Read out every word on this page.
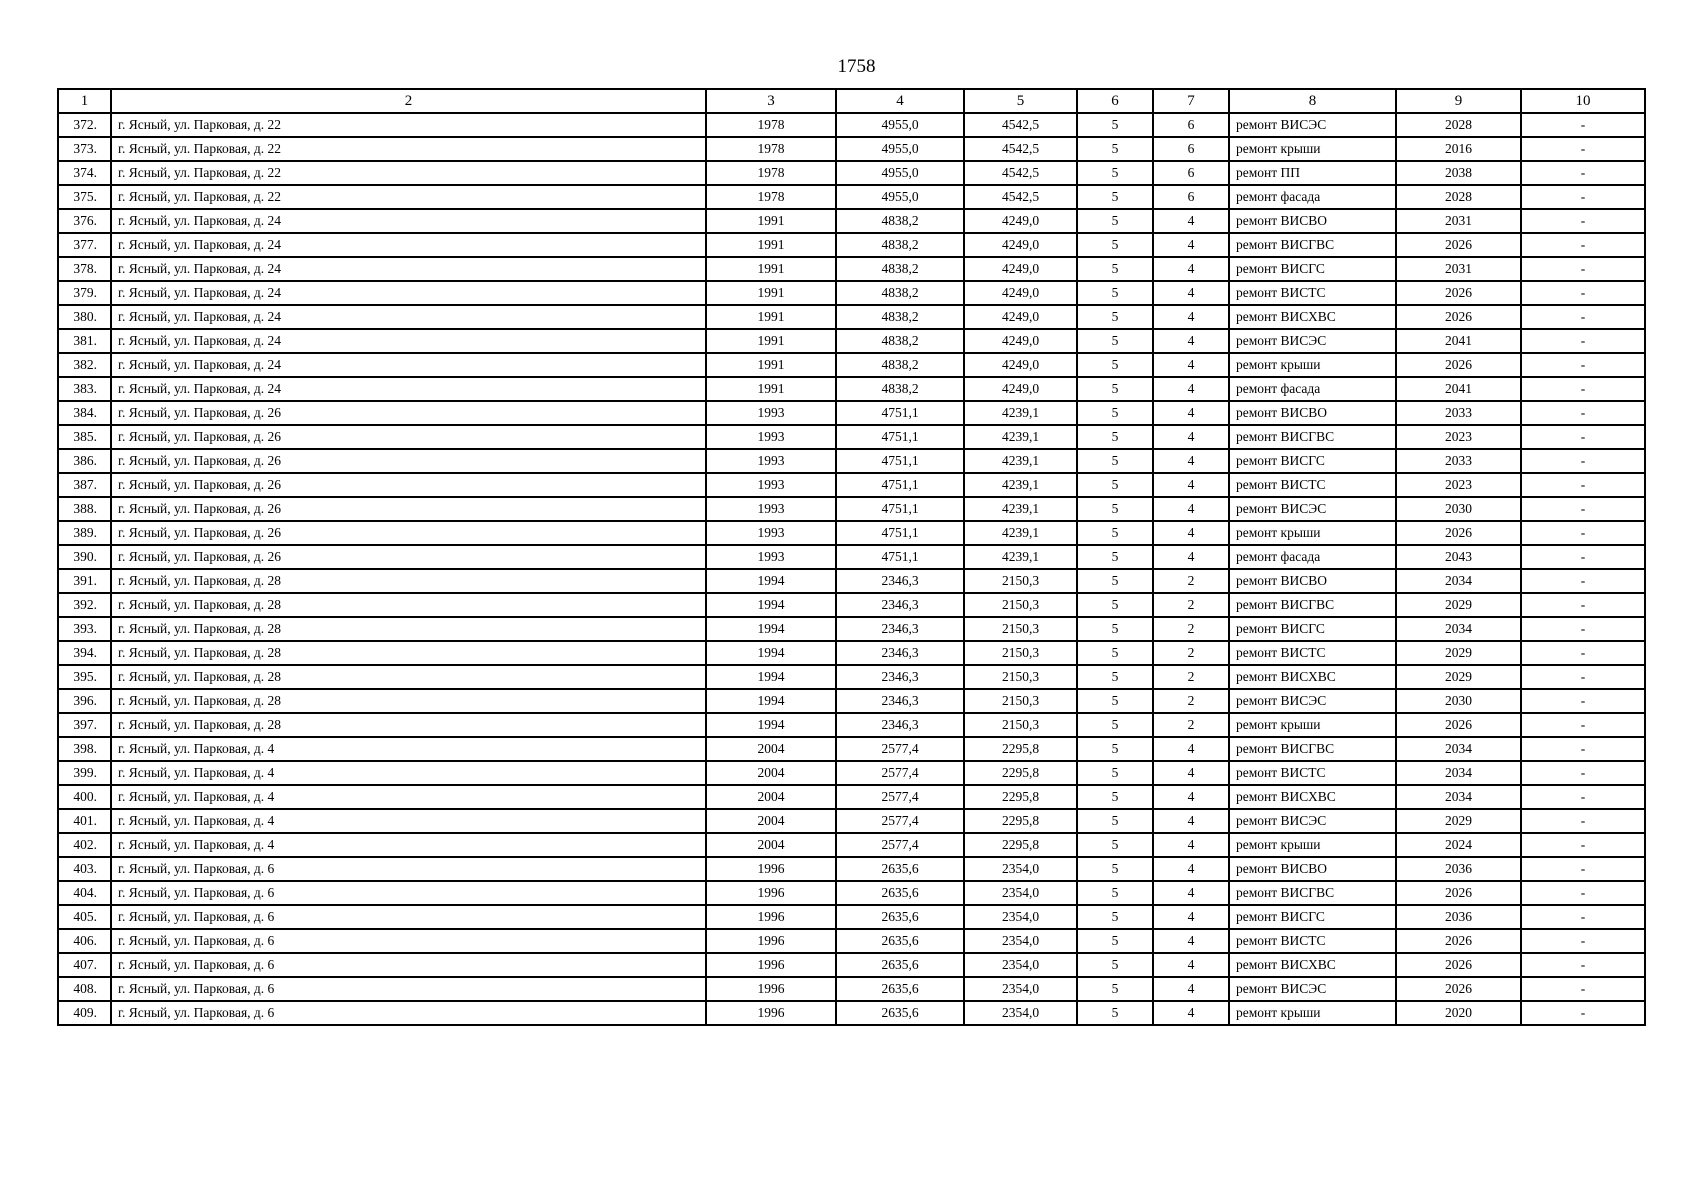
1758
1	2	3	4	5	6	7	8	9	10
372.	г. Ясный, ул. Парковая, д. 22	1978	4955,0	4542,5	5	6	ремонт ВИСЭС	2028	-
373.	г. Ясный, ул. Парковая, д. 22	1978	4955,0	4542,5	5	6	ремонт крыши	2016	-
374.	г. Ясный, ул. Парковая, д. 22	1978	4955,0	4542,5	5	6	ремонт ПП	2038	-
375.	г. Ясный, ул. Парковая, д. 22	1978	4955,0	4542,5	5	6	ремонт фасада	2028	-
376.	г. Ясный, ул. Парковая, д. 24	1991	4838,2	4249,0	5	4	ремонт ВИСВО	2031	-
377.	г. Ясный, ул. Парковая, д. 24	1991	4838,2	4249,0	5	4	ремонт ВИСГВС	2026	-
378.	г. Ясный, ул. Парковая, д. 24	1991	4838,2	4249,0	5	4	ремонт ВИСГС	2031	-
379.	г. Ясный, ул. Парковая, д. 24	1991	4838,2	4249,0	5	4	ремонт ВИСТС	2026	-
380.	г. Ясный, ул. Парковая, д. 24	1991	4838,2	4249,0	5	4	ремонт ВИСХВС	2026	-
381.	г. Ясный, ул. Парковая, д. 24	1991	4838,2	4249,0	5	4	ремонт ВИСЭС	2041	-
382.	г. Ясный, ул. Парковая, д. 24	1991	4838,2	4249,0	5	4	ремонт крыши	2026	-
383.	г. Ясный, ул. Парковая, д. 24	1991	4838,2	4249,0	5	4	ремонт фасада	2041	-
384.	г. Ясный, ул. Парковая, д. 26	1993	4751,1	4239,1	5	4	ремонт ВИСВО	2033	-
385.	г. Ясный, ул. Парковая, д. 26	1993	4751,1	4239,1	5	4	ремонт ВИСГВС	2023	-
386.	г. Ясный, ул. Парковая, д. 26	1993	4751,1	4239,1	5	4	ремонт ВИСГС	2033	-
387.	г. Ясный, ул. Парковая, д. 26	1993	4751,1	4239,1	5	4	ремонт ВИСТС	2023	-
388.	г. Ясный, ул. Парковая, д. 26	1993	4751,1	4239,1	5	4	ремонт ВИСЭС	2030	-
389.	г. Ясный, ул. Парковая, д. 26	1993	4751,1	4239,1	5	4	ремонт крыши	2026	-
390.	г. Ясный, ул. Парковая, д. 26	1993	4751,1	4239,1	5	4	ремонт фасада	2043	-
391.	г. Ясный, ул. Парковая, д. 28	1994	2346,3	2150,3	5	2	ремонт ВИСВО	2034	-
392.	г. Ясный, ул. Парковая, д. 28	1994	2346,3	2150,3	5	2	ремонт ВИСГВС	2029	-
393.	г. Ясный, ул. Парковая, д. 28	1994	2346,3	2150,3	5	2	ремонт ВИСГС	2034	-
394.	г. Ясный, ул. Парковая, д. 28	1994	2346,3	2150,3	5	2	ремонт ВИСТС	2029	-
395.	г. Ясный, ул. Парковая, д. 28	1994	2346,3	2150,3	5	2	ремонт ВИСХВС	2029	-
396.	г. Ясный, ул. Парковая, д. 28	1994	2346,3	2150,3	5	2	ремонт ВИСЭС	2030	-
397.	г. Ясный, ул. Парковая, д. 28	1994	2346,3	2150,3	5	2	ремонт крыши	2026	-
398.	г. Ясный, ул. Парковая, д. 4	2004	2577,4	2295,8	5	4	ремонт ВИСГВС	2034	-
399.	г. Ясный, ул. Парковая, д. 4	2004	2577,4	2295,8	5	4	ремонт ВИСТС	2034	-
400.	г. Ясный, ул. Парковая, д. 4	2004	2577,4	2295,8	5	4	ремонт ВИСХВС	2034	-
401.	г. Ясный, ул. Парковая, д. 4	2004	2577,4	2295,8	5	4	ремонт ВИСЭС	2029	-
402.	г. Ясный, ул. Парковая, д. 4	2004	2577,4	2295,8	5	4	ремонт крыши	2024	-
403.	г. Ясный, ул. Парковая, д. 6	1996	2635,6	2354,0	5	4	ремонт ВИСВО	2036	-
404.	г. Ясный, ул. Парковая, д. 6	1996	2635,6	2354,0	5	4	ремонт ВИСГВС	2026	-
405.	г. Ясный, ул. Парковая, д. 6	1996	2635,6	2354,0	5	4	ремонт ВИСГС	2036	-
406.	г. Ясный, ул. Парковая, д. 6	1996	2635,6	2354,0	5	4	ремонт ВИСТС	2026	-
407.	г. Ясный, ул. Парковая, д. 6	1996	2635,6	2354,0	5	4	ремонт ВИСХВС	2026	-
408.	г. Ясный, ул. Парковая, д. 6	1996	2635,6	2354,0	5	4	ремонт ВИСЭС	2026	-
409.	г. Ясный, ул. Парковая, д. 6	1996	2635,6	2354,0	5	4	ремонт крыши	2020	-
